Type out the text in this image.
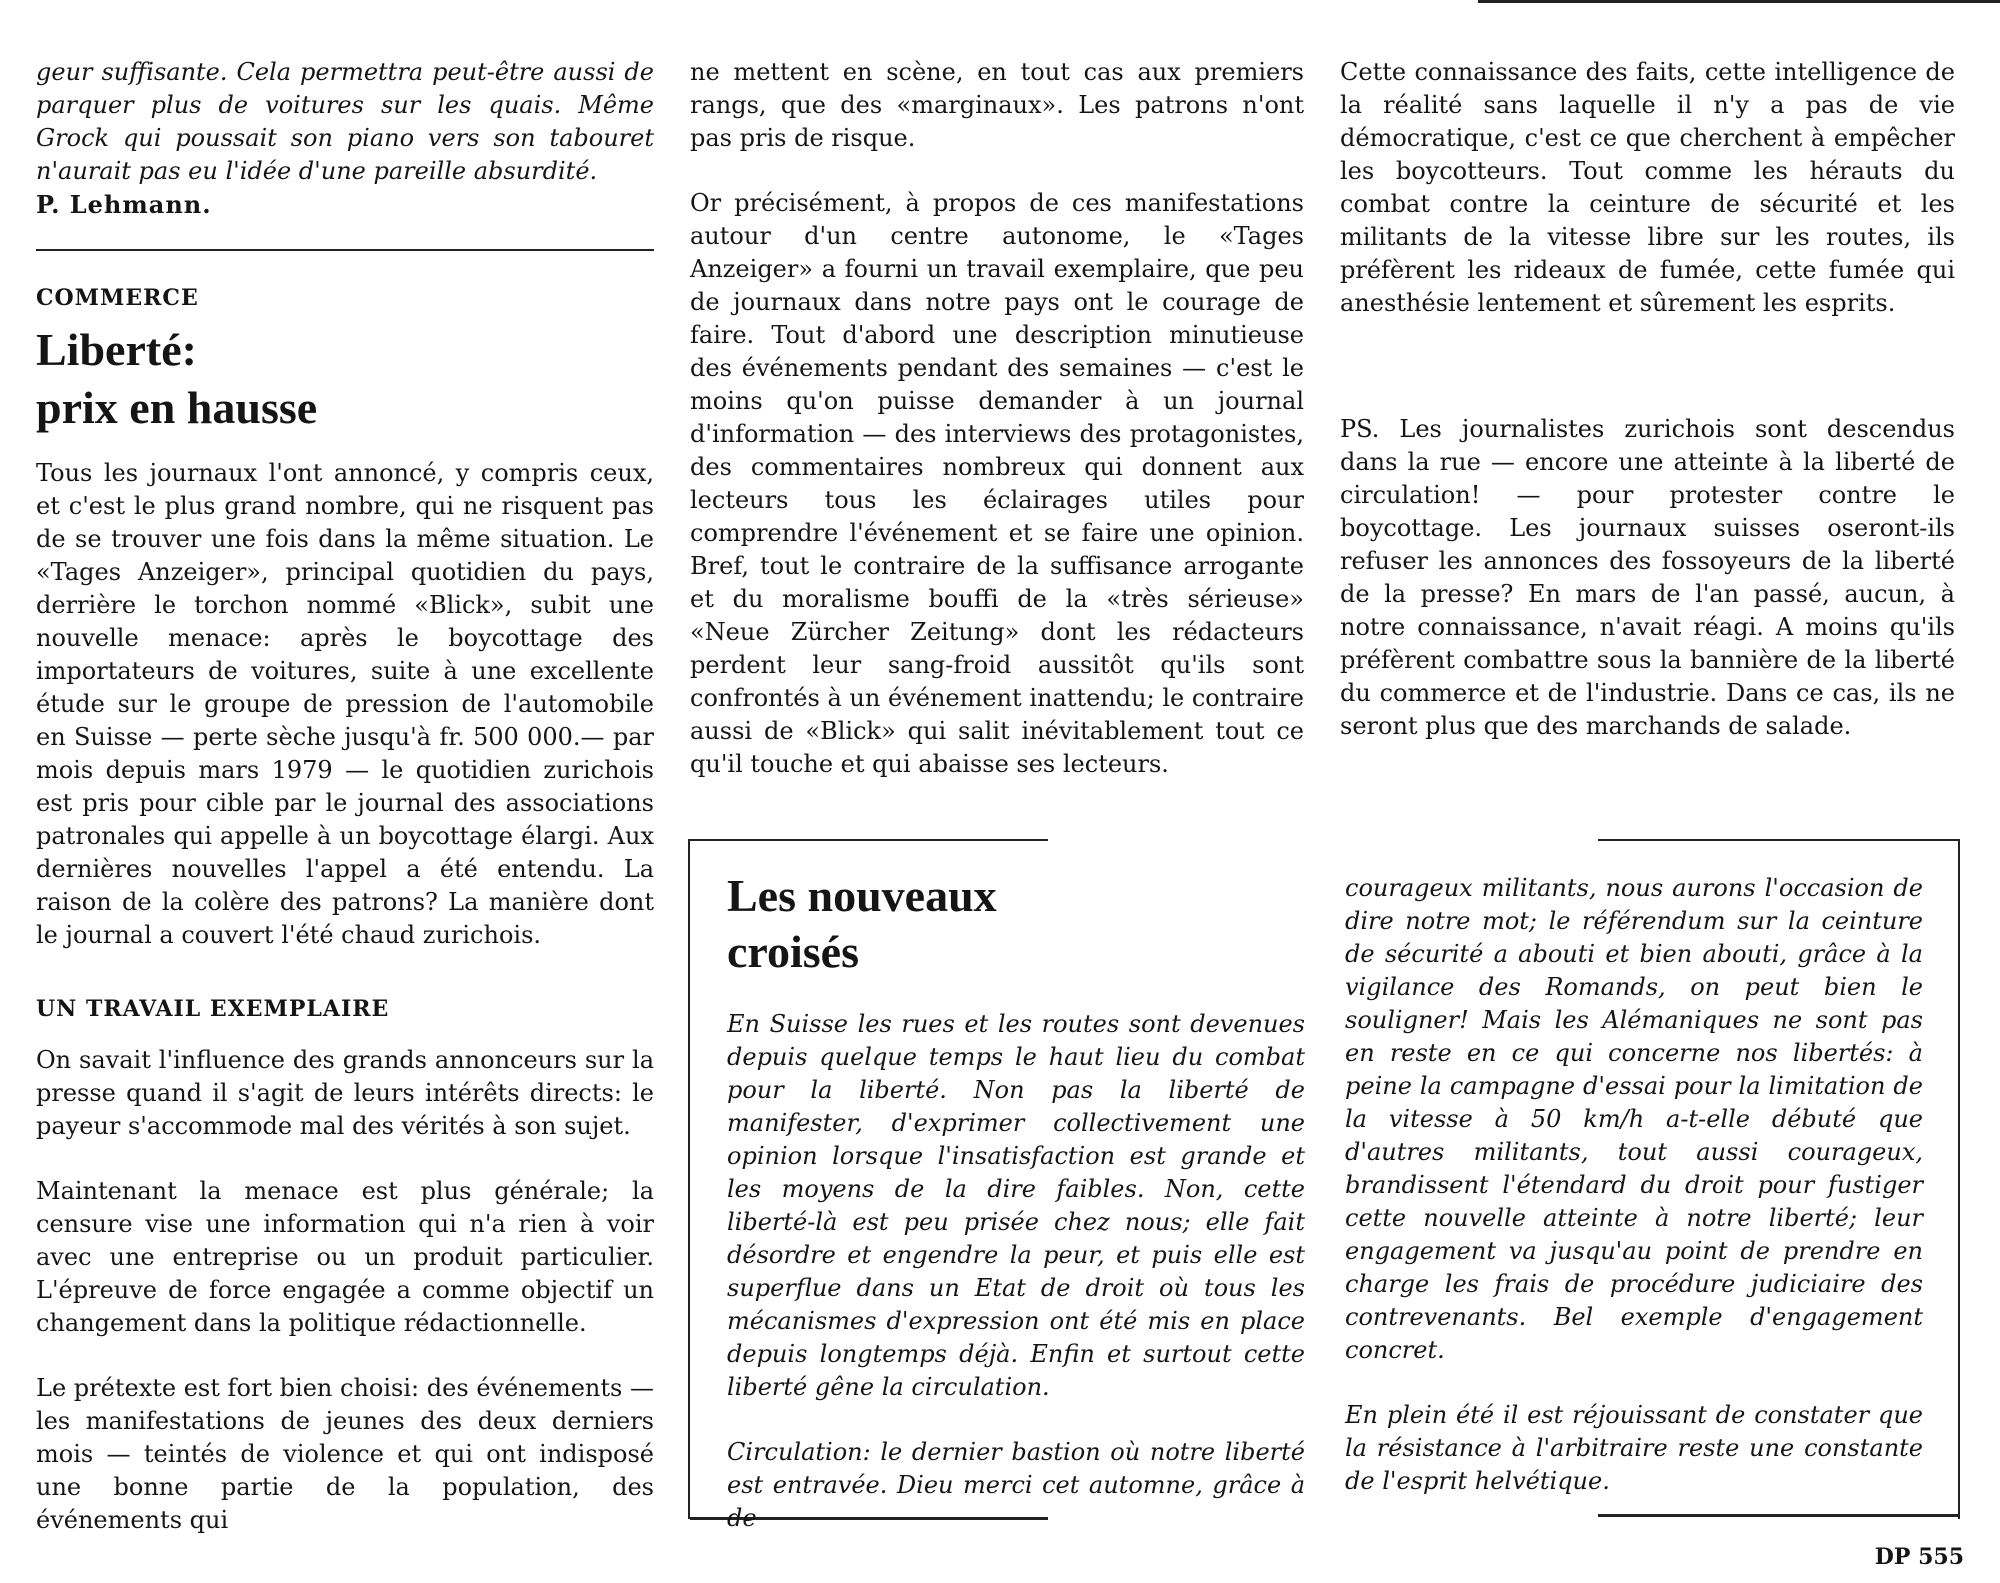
geur suffisante. Cela permettra peut-être aussi de parquer plus de voitures sur les quais. Même Grock qui poussait son piano vers son tabouret n'aurait pas eu l'idée d'une pareille absurdité.

P. Lehmann.

COMMERCE
Liberté:
prix en hausse

Tous les journaux l'ont annoncé, y compris ceux, et c'est le plus grand nombre, qui ne risquent pas de se trouver une fois dans la même situation. Le «Tages Anzeiger», principal quotidien du pays, derrière le torchon nommé «Blick», subit une nouvelle menace: après le boycottage des importateurs de voitures, suite à une excellente étude sur le groupe de pression de l'automobile en Suisse — perte sèche jusqu'à fr. 500 000.— par mois depuis mars 1979 — le quotidien zurichois est pris pour cible par le journal des associations patronales qui appelle à un boycottage élargi. Aux dernières nouvelles l'appel a été entendu. La raison de la colère des patrons? La manière dont le journal a couvert l'été chaud zurichois.

UN TRAVAIL EXEMPLAIRE

On savait l'influence des grands annonceurs sur la presse quand il s'agit de leurs intérêts directs: le payeur s'accommode mal des vérités à son sujet.

Maintenant la menace est plus générale; la censure vise une information qui n'a rien à voir avec une entreprise ou un produit particulier. L'épreuve de force engagée a comme objectif un changement dans la politique rédactionnelle.

Le prétexte est fort bien choisi: des événements — les manifestations de jeunes des deux derniers mois — teintés de violence et qui ont indisposé une bonne partie de la population, des événements qui

ne mettent en scène, en tout cas aux premiers rangs, que des «marginaux». Les patrons n'ont pas pris de risque.

Or précisément, à propos de ces manifestations autour d'un centre autonome, le «Tages Anzeiger» a fourni un travail exemplaire, que peu de journaux dans notre pays ont le courage de faire. Tout d'abord une description minutieuse des événements pendant des semaines — c'est le moins qu'on puisse demander à un journal d'information — des interviews des protagonistes, des commentaires nombreux qui donnent aux lecteurs tous les éclairages utiles pour comprendre l'événement et se faire une opinion. Bref, tout le contraire de la suffisance arrogante et du moralisme bouffi de la «très sérieuse» «Neue Zürcher Zeitung» dont les rédacteurs perdent leur sang-froid aussitôt qu'ils sont confrontés à un événement inattendu; le contraire aussi de «Blick» qui salit inévitablement tout ce qu'il touche et qui abaisse ses lecteurs.

Cette connaissance des faits, cette intelligence de la réalité sans laquelle il n'y a pas de vie démocratique, c'est ce que cherchent à empêcher les boycotteurs. Tout comme les hérauts du combat contre la ceinture de sécurité et les militants de la vitesse libre sur les routes, ils préfèrent les rideaux de fumée, cette fumée qui anesthésie lentement et sûrement les esprits.

PS. Les journalistes zurichois sont descendus dans la rue — encore une atteinte à la liberté de circulation! — pour protester contre le boycottage. Les journaux suisses oseront-ils refuser les annonces des fossoyeurs de la liberté de la presse? En mars de l'an passé, aucun, à notre connaissance, n'avait réagi. A moins qu'ils préfèrent combattre sous la bannière de la liberté du commerce et de l'industrie. Dans ce cas, ils ne seront plus que des marchands de salade.

Les nouveaux
croisés

En Suisse les rues et les routes sont devenues depuis quelque temps le haut lieu du combat pour la liberté. Non pas la liberté de manifester, d'exprimer collectivement une opinion lorsque l'insatisfaction est grande et les moyens de la dire faibles. Non, cette liberté-là est peu prisée chez nous; elle fait désordre et engendre la peur, et puis elle est superflue dans un Etat de droit où tous les mécanismes d'expression ont été mis en place depuis longtemps déjà. Enfin et surtout cette liberté gêne la circulation.

Circulation: le dernier bastion où notre liberté est entravée. Dieu merci cet automne, grâce à de

courageux militants, nous aurons l'occasion de dire notre mot; le référendum sur la ceinture de sécurité a abouti et bien abouti, grâce à la vigilance des Romands, on peut bien le souligner! Mais les Alémaniques ne sont pas en reste en ce qui concerne nos libertés: à peine la campagne d'essai pour la limitation de la vitesse à 50 km/h a-t-elle débuté que d'autres militants, tout aussi courageux, brandissent l'étendard du droit pour fustiger cette nouvelle atteinte à notre liberté; leur engagement va jusqu'au point de prendre en charge les frais de procédure judiciaire des contrevenants. Bel exemple d'engagement concret.

En plein été il est réjouissant de constater que la résistance à l'arbitraire reste une constante de l'esprit helvétique.

DP 555
